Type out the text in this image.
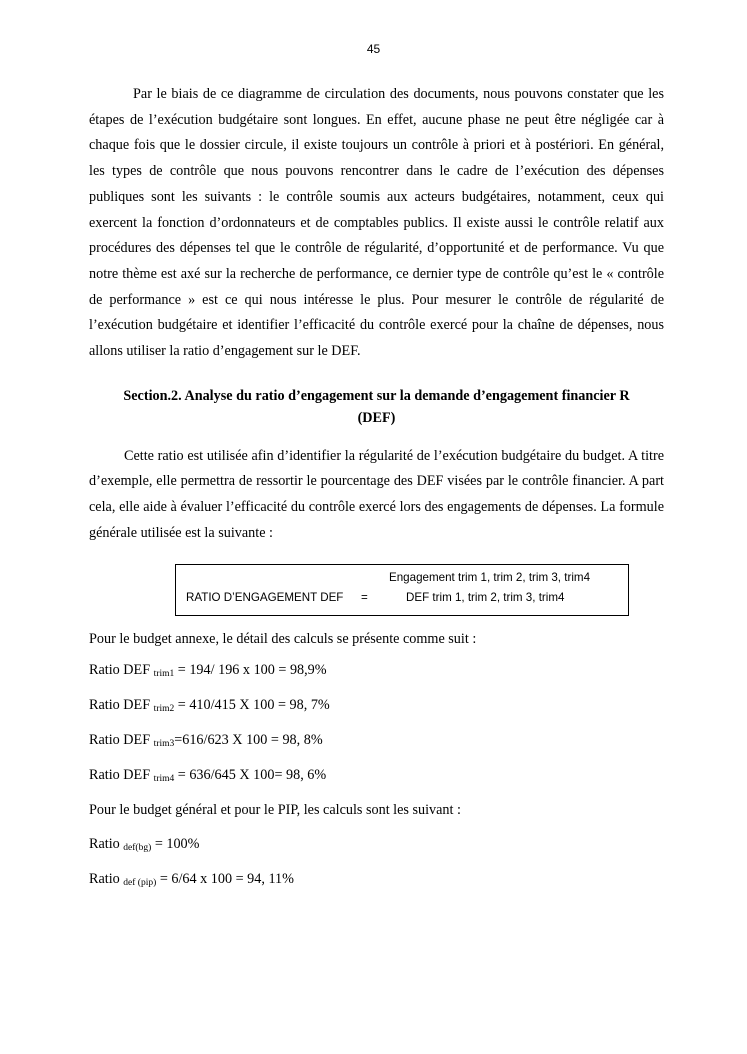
45

Par le biais de ce diagramme de circulation des documents, nous pouvons constater que les étapes de l’exécution budgétaire sont longues. En effet, aucune phase ne peut être négligée car à chaque fois que le dossier circule, il existe toujours un contrôle à priori et à postériori. En général, les types de contrôle que nous pouvons rencontrer dans le cadre de l’exécution des dépenses publiques sont les suivants : le contrôle soumis aux acteurs budgétaires, notamment, ceux qui exercent la fonction d’ordonnateurs et de comptables publics. Il existe aussi le contrôle relatif aux procédures des dépenses tel que le contrôle de régularité, d’opportunité et de performance. Vu que notre thème est axé sur la recherche de performance, ce dernier type de contrôle qu’est le « contrôle de performance » est ce qui nous intéresse le plus. Pour mesurer le contrôle de régularité de l’exécution budgétaire et identifier l’efficacité du contrôle exercé pour la chaîne de dépenses, nous allons utiliser la ratio d’engagement sur le DEF.

Section.2. Analyse du ratio d’engagement sur la demande d’engagement financier R (DEF)

Cette ratio est utilisée afin d’identifier la régularité de l’exécution budgétaire du budget. A titre d’exemple, elle permettra de ressortir le pourcentage des DEF visées par le contrôle financier. A part cela, elle aide à évaluer l’efficacité du contrôle exercé lors des engagements de dépenses. La formule générale utilisée est la suivante :

Engagement trim 1, trim 2, trim 3, trim4
RATIO D’ENGAGEMENT DEF =	DEF trim 1, trim 2, trim 3, trim4

Pour le budget annexe, le détail des calculs se présente comme suit :

Ratio DEF $_{trim1}$ = 194/ 196 x 100 = 98,9%

Ratio DEF $_{trim2}$ = 410/415 X 100 = 98, 7%

Ratio DEF $_{trim3}$=616/623 X 100 = 98, 8%

Ratio DEF $_{trim4}$ = 636/645 X 100= 98, 6%

Pour le budget général et pour le PIP, les calculs sont les suivant :

Ratio $_{def(bg)}$ = 100%

Ratio $_{def (pip)}$ = 6/64 x 100 = 94, 11%
